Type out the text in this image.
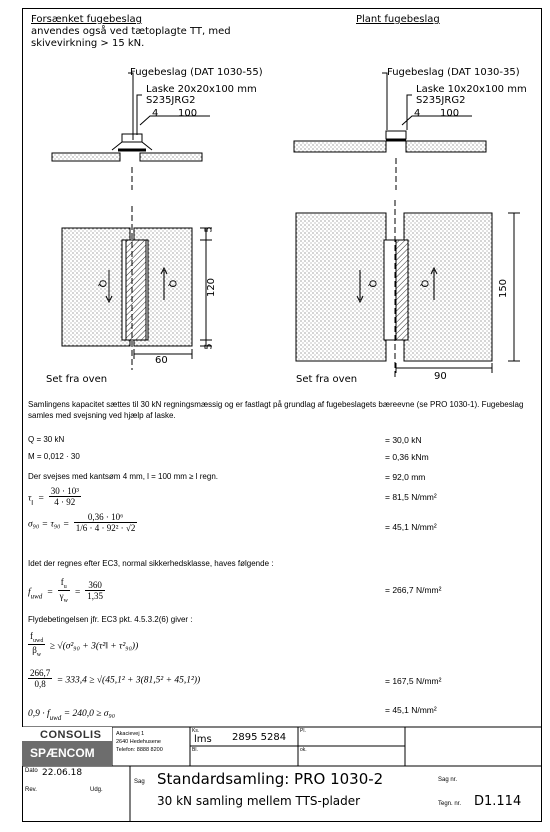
Forsænket fugebeslag
anvendes også ved tætoplagte TT, med
skivevirkning > 15 kN.
Plant fugebeslag
Fugebeslag (DAT 1030-55)
Laske 20x20x100 mm
S235JRG2
4 100
Fugebeslag (DAT 1030-35)
Laske 10x20x100 mm
S235JRG2
4 100
Q	Q
5
120
5
60
Set fra oven
Q	Q	150
90
Set fra oven
Samlingens kapacitet sættes til 30 kN regningsmæssig og er fastlagt på grundlag af fugebeslagets bæreevne (se PRO 1030-1). Fugebeslag samles med svejsning ved hjælp af laske.
Q = 30 kN	= 30,0 kN
M = 0,012 · 30	= 0,36 kNm
Der svejses med kantsøm 4 mm, l = 100 mm ≥ l regn.	= 92,0 mm
$\tau_ǁ = \frac{\text{30 · 10³}}{4 \cdot 92}$	= 81,5 N/mm²
$\sigma_{90} = \tau_{90} = \frac{\text{0,36 · 10⁶}}{\text{1/6 · 4 · 92² · √2}}$	= 45,1 N/mm²
Idet der regnes efter EC3, normal sikkerhedsklasse, haves følgende :
$f_{uwd} = \frac{f_u}{\gamma_w} = \frac{360}{1,35}$	= 266,7 N/mm²
Flydebetingelsen jfr. EC3 pkt. 4.5.3.2(6) giver :
$\frac{f_{uwd}}{\beta_w} \ge √(\sigma^2_{90}$ + 3(τ²ǁ + τ²₉₀))
$\frac{266,7}{0,8} = 333,4 \ge √(45,1^2 + 3(81,5^2 + 45,1^2))$	= 167,5 N/mm²
$0,9 \cdot f_{uwd} = 240,0 \ge \sigma_{90}$	= 45,1 N/mm²
CONSOLIS
SPÆNCOM
Akacievej 1
2640 Hedehusene
Telefon: 8888 8200
Ks.
lms 2895 5284
Pl.
Bl.	ok.
Dato 22.06.18
Rev.	Udg.
Sag Standardsamling: PRO 1030-2
30 kN samling mellem TTS-plader
Sag nr.
Tegn. nr. D1.114
